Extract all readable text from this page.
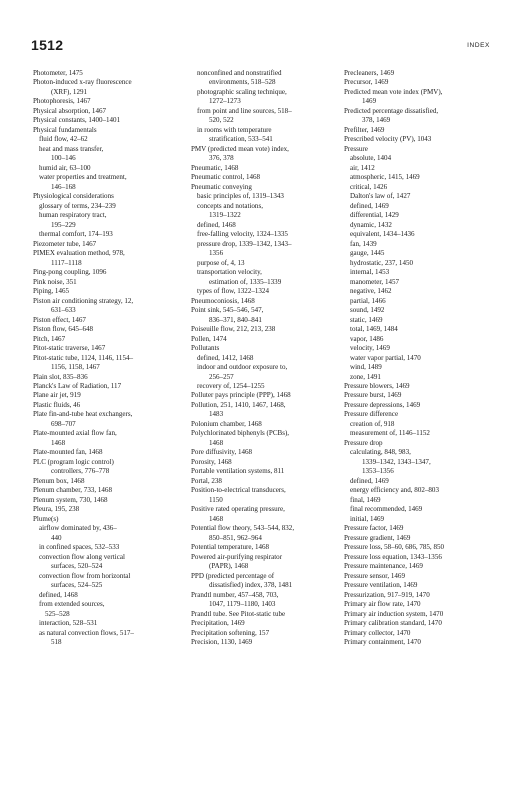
1512	INDEX
Photometer, 1475
Photon-induced x-ray fluorescence
(XRF), 1291
Photophoresis, 1467
Physical absorption, 1467
Physical constants, 1400–1401
Physical fundamentals
fluid flow, 42–62
heat and mass transfer,
100–146
humid air, 63–100
water properties and treatment,
146–168
Physiological considerations
glossary of terms, 234–239
human respiratory tract,
195–229
thermal comfort, 174–193
Piezometer tube, 1467
PIMEX evaluation method, 978,
1117–1118
Ping-pong coupling, 1096
Pink noise, 351
Piping, 1465
Piston air conditioning strategy, 12,
631–633
Piston effect, 1467
Piston flow, 645–648
Pitch, 1467
Pitot-static traverse, 1467
Pitot-static tube, 1124, 1146, 1154–
1156, 1158, 1467
Plain slot, 835–836
Planck's Law of Radiation, 117
Plane air jet, 919
Plastic fluids, 46
Plate fin-and-tube heat exchangers,
698–707
Plate-mounted axial flow fan,
1468
Plate-mounted fan, 1468
PLC (program logic control)
controllers, 776–778
Plenum box, 1468
Plenum chamber, 733, 1468
Plenum system, 730, 1468
Pleura, 195, 238
Plume(s)
airflow dominated by, 436–
440
in confined spaces, 532–533
convection flow along vertical
surfaces, 520–524
convection flow from horizontal
surfaces, 524–525
defined, 1468
from extended sources,
525–528
interaction, 528–531
as natural convection flows, 517–
518
nonconfined and nonstratified
environments, 518–528
photographic scaling technique,
1272–1273
from point and line sources, 518–
520, 522
in rooms with temperature
stratification, 533–541
PMV (predicted mean vote) index,
376, 378
Pneumatic, 1468
Pneumatic control, 1468
Pneumatic conveying
basic principles of, 1319–1343
concepts and notations,
1319–1322
defined, 1468
free-falling velocity, 1324–1335
pressure drop, 1339–1342, 1343–
1356
purpose of, 4, 13
transportation velocity,
estimation of, 1335–1339
types of flow, 1322–1324
Pneumoconiosis, 1468
Point sink, 545–546, 547,
836–371, 840–841
Poiseuille flow, 212, 213, 238
Pollen, 1474
Pollutants
defined, 1412, 1468
indoor and outdoor exposure to,
256–257
recovery of, 1254–1255
Polluter pays principle (PPP), 1468
Pollution, 251, 1410, 1467, 1468,
1483
Polonium chamber, 1468
Polychlorinated biphenyls (PCBs),
1468
Pore diffusivity, 1468
Porosity, 1468
Portable ventilation systems, 811
Portal, 238
Position-to-electrical transducers,
1150
Positive rated operating pressure,
1468
Potential flow theory, 543–544, 832,
850–851, 962–964
Potential temperature, 1468
Powered air-purifying respirator
(PAPR), 1468
PPD (predicted percentage of
dissatisfied) index, 378, 1481
Prandtl number, 457–458, 703,
1047, 1179–1180, 1403
Prandtl tube. See Pitot-static tube
Precipitation, 1469
Precipitation softening, 157
Precision, 1130, 1469
Precleaners, 1469
Precursor, 1469
Predicted mean vote index (PMV),
1469
Predicted percentage dissatisfied,
378, 1469
Prefilter, 1469
Prescribed velocity (PV), 1043
Pressure
absolute, 1404
air, 1412
atmospheric, 1415, 1469
critical, 1426
Dalton's law of, 1427
defined, 1469
differential, 1429
dynamic, 1432
equivalent, 1434–1436
fan, 1439
gauge, 1445
hydrostatic, 237, 1450
internal, 1453
manometer, 1457
negative, 1462
partial, 1466
sound, 1492
static, 1469
total, 1469, 1484
vapor, 1486
velocity, 1469
water vapor partial, 1470
wind, 1489
zone, 1491
Pressure blowers, 1469
Pressure burst, 1469
Pressure depressions, 1469
Pressure difference
creation of, 918
measurement of, 1146–1152
Pressure drop
calculating, 848, 983,
1339–1342, 1343–1347,
1353–1356
defined, 1469
energy efficiency and, 802–803
final, 1469
final recommended, 1469
initial, 1469
Pressure factor, 1469
Pressure gradient, 1469
Pressure loss, 58–60, 686, 785, 850
Pressure loss equation, 1343–1356
Pressure maintenance, 1469
Pressure sensor, 1469
Pressure ventilation, 1469
Pressurization, 917–919, 1470
Primary air flow rate, 1470
Primary air induction system, 1470
Primary calibration standard, 1470
Primary collector, 1470
Primary containment, 1470
